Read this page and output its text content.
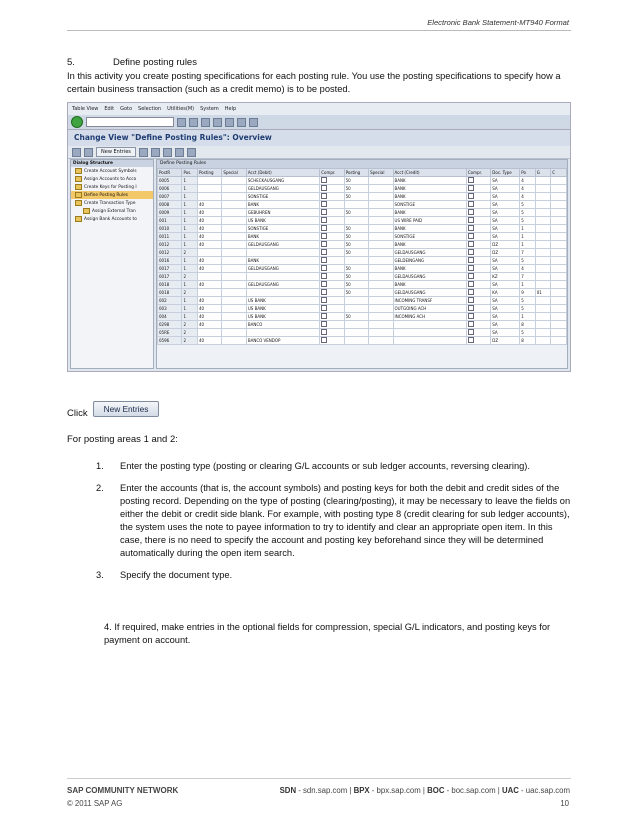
Electronic Bank Statement-MT940 Format
5.	Define posting rules
In this activity you create posting specifications for each posting rule. You use the posting specifications to specify how a certain business transaction (such as a credit memo) is to be posted.
Table View Edit Goto Selection Utilities(M) System Help
Change View "Define Posting Rules": Overview
New Entries
Dialog Structure
Create Account Symbols
Assign Accounts to Acco
Create Keys for Posting I
Define Posting Rules
Create Transaction Type
Assign External Tran
Assign Bank Accounts to
Define Posting Rules
PostR	Pos.	Posting	Special	Acct (Debit)	Compr.	Posting	Special	Acct (Credit)	Compr.	Doc. Type	Po	G	C
0005	1			SCHECKAUSGANG		50		BANK		SA	4		
0006	1			GELDAUSGANG		50		BANK		SA	4		
0007	1			SONSTIGE		50		BANK		SA	4		
0008	1	40		BANK				SONSTIGE		SA	5		
0009	1	40		GEBUHREN		50		BANK		SA	5		
001	1	40		US BANK				US WIRE PAID		SA	5		
0010	1	40		SONSTIGE		50		BANK		SA	1		
0011	1	40		BANK		50		SONSTIGE		SA	1		
0012	1	40		GELDAUSGANG		50		BANK		DZ	1		
0012	2					50		GELDAUSGANG		DZ	7		
0016	1	40		BANK				GELDEINGANG		SA	5		
0017	1	40		GELDAUSGANG		50		BANK		SA	4		
0017	2					50		GELDAUSGANG		KZ	7		
0018	1	40		GELDAUSGANG		50		BANK		SA	1		
0018	2					50		GELDAUSGANG		KA	9	01	
002	1	40		US BANK				INCOMING TRANSF		SA	5		
003	1	40		US BANK				OUTGOING ACH		SA	5		
004	1	40		US BANK		50		INCOMING ACH		SA	1		
0298	2	40		BANCO						SA	8		
05RE	2									SA	5		
0596	2	40		BANCO VENDOP						DZ	8		
Click	New Entries
For posting areas 1 and 2:
1. Enter the posting type (posting or clearing G/L accounts or sub ledger accounts, reversing clearing).
2. Enter the accounts (that is, the account symbols) and posting keys for both the debit and credit sides of the posting record. Depending on the type of posting (clearing/posting), it may be necessary to leave the fields on either the debit or credit side blank. For example, with posting type 8 (credit clearing for sub ledger accounts), the system uses the note to payee information to try to identify and clear an appropriate open item. In this case, there is no need to specify the account and posting key beforehand since they will be determined automatically during the open item search.
3. Specify the document type.
4. If required, make entries in the optional fields for compression, special G/L indicators, and posting keys for payment on account.
SAP COMMUNITY NETWORK	SDN - sdn.sap.com | BPX - bpx.sap.com | BOC - boc.sap.com | UAC - uac.sap.com
© 2011 SAP AG	10
